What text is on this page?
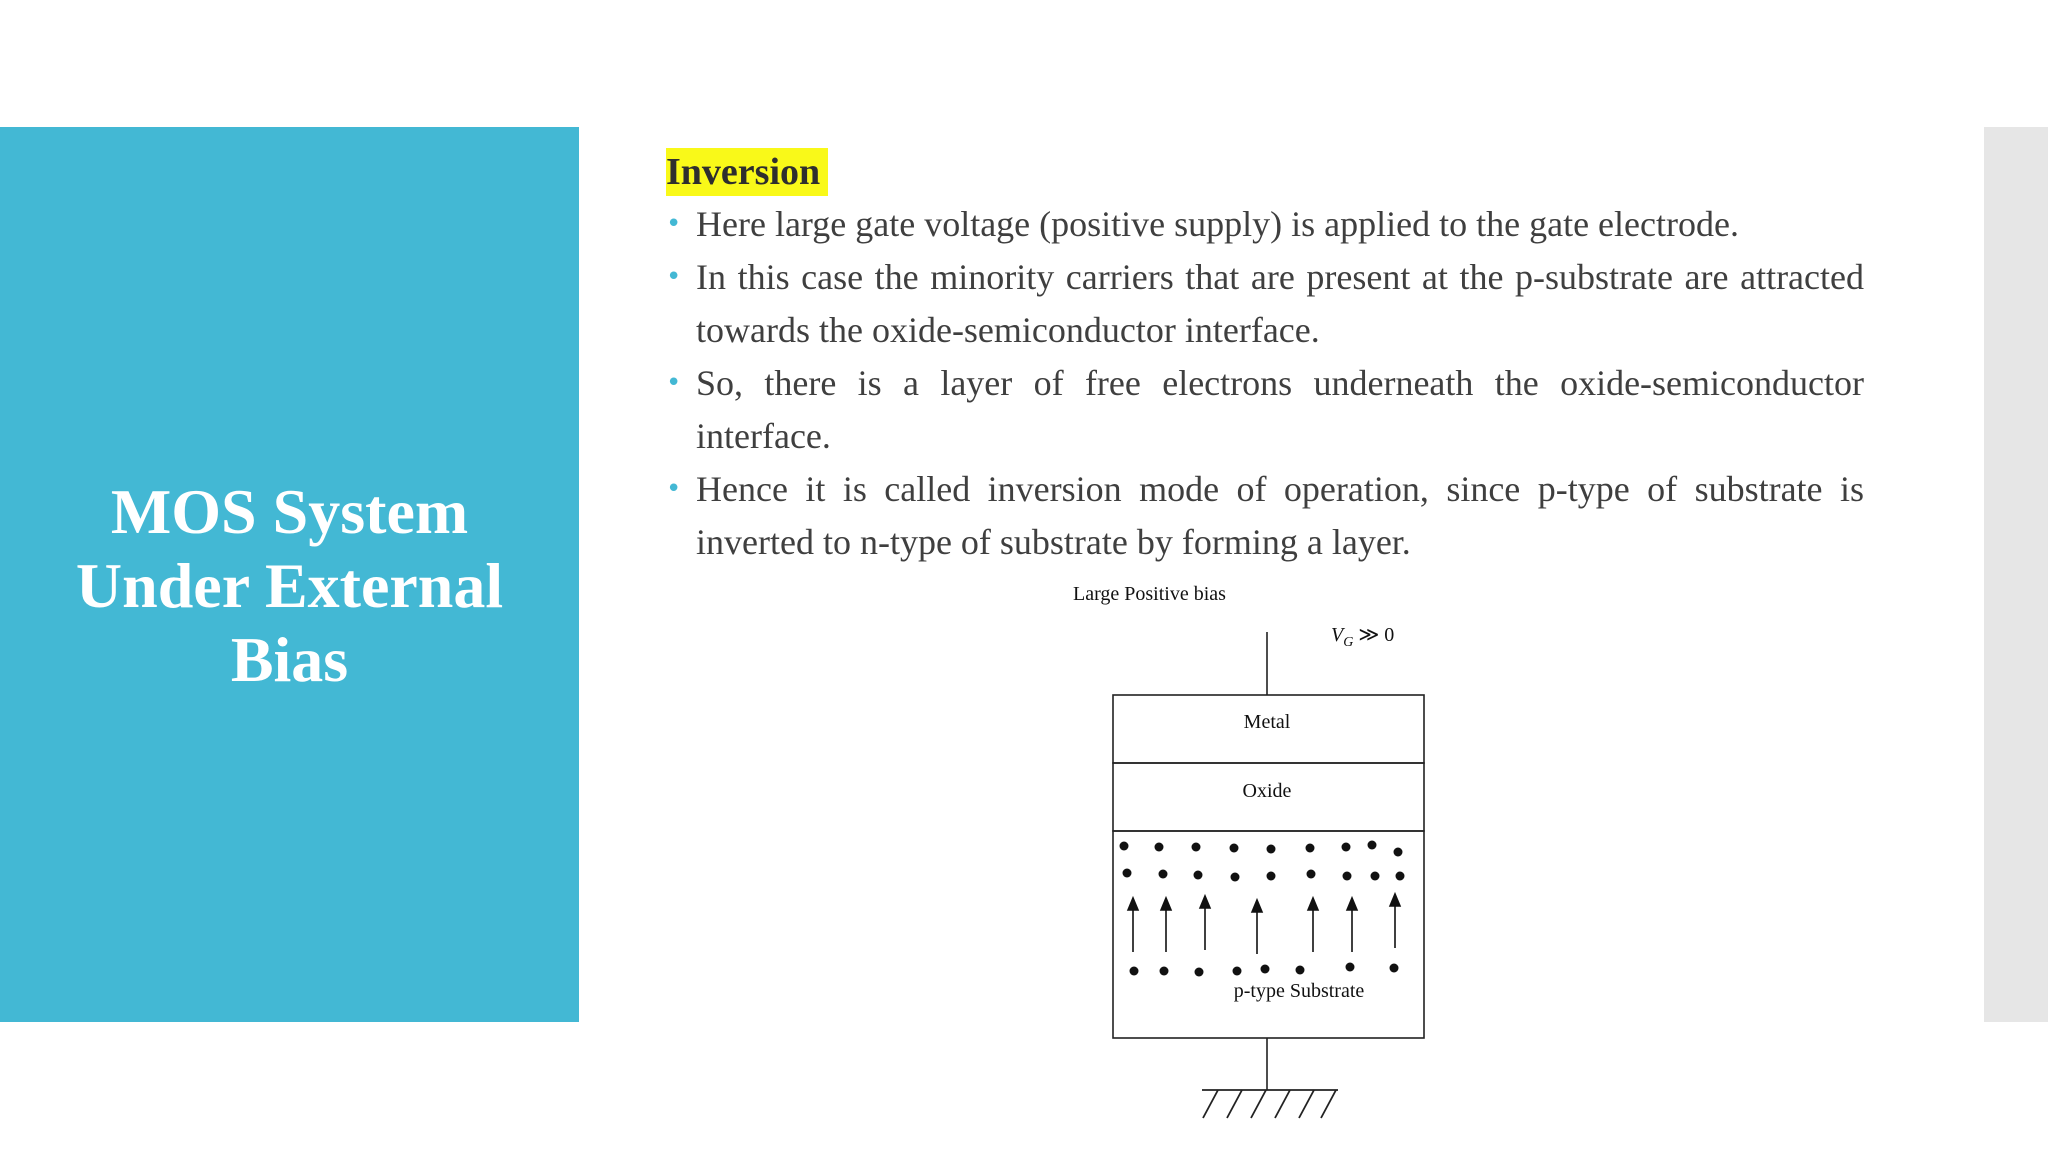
MOS System Under External Bias
Inversion
• Here large gate voltage (positive supply) is applied to the gate electrode.
• In this case the minority carriers that are present at the p-substrate are attracted towards the oxide-semiconductor interface.
• So, there is a layer of free electrons underneath the oxide-semiconductor interface.
• Hence it is called inversion mode of operation, since p-type of substrate is inverted to n-type of substrate by forming a layer.
Large Positive bias
$V_G$ ≫ 0
Metal
Oxide
p-type Substrate
